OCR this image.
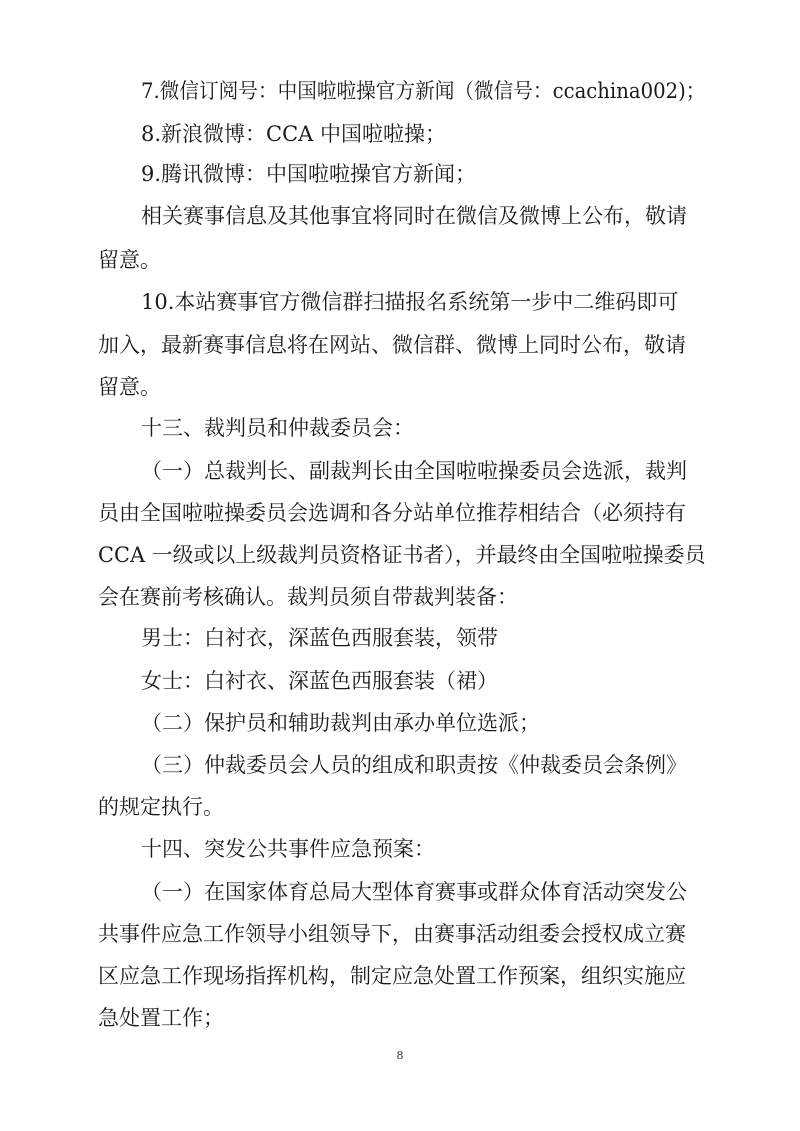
7.微信订阅号：中国啦啦操官方新闻（微信号：ccachina002)；
8.新浪微博：CCA 中国啦啦操；
9.腾讯微博：中国啦啦操官方新闻；
相关赛事信息及其他事宜将同时在微信及微博上公布，敬请
留意。
10.本站赛事官方微信群扫描报名系统第一步中二维码即可
加入，最新赛事信息将在网站、微信群、微博上同时公布，敬请
留意。
十三、裁判员和仲裁委员会：
（一）总裁判长、副裁判长由全国啦啦操委员会选派，裁判
员由全国啦啦操委员会选调和各分站单位推荐相结合（必须持有
CCA 一级或以上级裁判员资格证书者），并最终由全国啦啦操委员
会在赛前考核确认。裁判员须自带裁判装备：
男士：白衬衣，深蓝色西服套装，领带
女士：白衬衣、深蓝色西服套装（裙）
（二）保护员和辅助裁判由承办单位选派；
（三）仲裁委员会人员的组成和职责按《仲裁委员会条例》
的规定执行。
十四、突发公共事件应急预案：
（一）在国家体育总局大型体育赛事或群众体育活动突发公
共事件应急工作领导小组领导下，由赛事活动组委会授权成立赛
区应急工作现场指挥机构，制定应急处置工作预案，组织实施应
急处置工作；
8
